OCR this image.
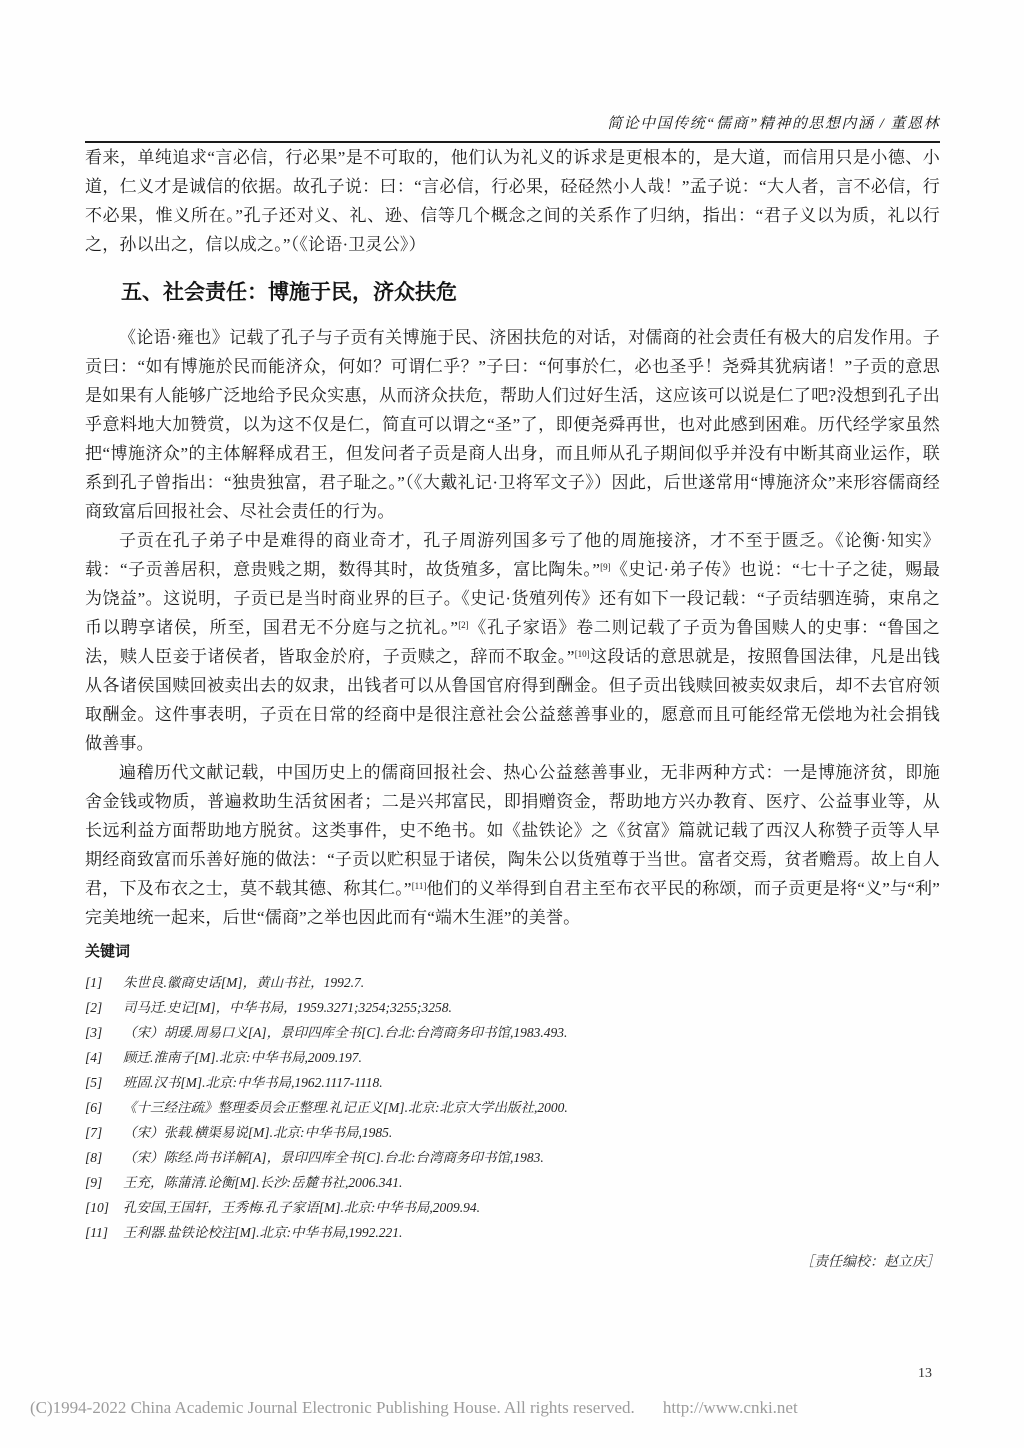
简论中国传统“儒商”精神的思想内涵 / 董恩林

看来，单纯追求“言必信，行必果”是不可取的，他们认为礼义的诉求是更根本的，是大道，而信用只是小德、小道，仁义才是诚信的依据。故孔子说：曰：“言必信，行必果，硁硁然小人哉！”孟子说：“大人者，言不必信，行不必果，惟义所在。”孔子还对义、礼、逊、信等几个概念之间的关系作了归纳，指出：“君子义以为质，礼以行之，孙以出之，信以成之。”（《论语·卫灵公》）

五、社会责任：博施于民，济众扶危

《论语·雍也》记载了孔子与子贡有关博施于民、济困扶危的对话，对儒商的社会责任有极大的启发作用。子贡曰：“如有博施於民而能济众，何如？可谓仁乎？”子曰：“何事於仁，必也圣乎！尧舜其犹病诸！”子贡的意思是如果有人能够广泛地给予民众实惠，从而济众扶危，帮助人们过好生活，这应该可以说是仁了吧?没想到孔子出乎意料地大加赞赏，以为这不仅是仁，简直可以谓之“圣”了，即便尧舜再世，也对此感到困难。历代经学家虽然把“博施济众”的主体解释成君王，但发问者子贡是商人出身，而且师从孔子期间似乎并没有中断其商业运作，联系到孔子曾指出：“独贵独富，君子耻之。”（《大戴礼记·卫将军文子》）因此，后世遂常用“博施济众”来形容儒商经商致富后回报社会、尽社会责任的行为。

子贡在孔子弟子中是难得的商业奇才，孔子周游列国多亏了他的周施接济，才不至于匮乏。《论衡·知实》载：“子贡善居积，意贵贱之期，数得其时，故货殖多，富比陶朱。”[9]《史记·弟子传》也说：“七十子之徒，赐最为饶益”。这说明，子贡已是当时商业界的巨子。《史记·货殖列传》还有如下一段记载：“子贡结驷连骑，束帛之币以聘享诸侯，所至，国君无不分庭与之抗礼。”[2]《孔子家语》卷二则记载了子贡为鲁国赎人的史事：“鲁国之法，赎人臣妾于诸侯者，皆取金於府，子贡赎之，辞而不取金。”[10]这段话的意思就是，按照鲁国法律，凡是出钱从各诸侯国赎回被卖出去的奴隶，出钱者可以从鲁国官府得到酬金。但子贡出钱赎回被卖奴隶后，却不去官府领取酬金。这件事表明，子贡在日常的经商中是很注意社会公益慈善事业的，愿意而且可能经常无偿地为社会捐钱做善事。

遍稽历代文献记载，中国历史上的儒商回报社会、热心公益慈善事业，无非两种方式：一是博施济贫，即施舍金钱或物质，普遍救助生活贫困者；二是兴邦富民，即捐赠资金，帮助地方兴办教育、医疗、公益事业等，从长远利益方面帮助地方脱贫。这类事件，史不绝书。如《盐铁论》之《贫富》篇就记载了西汉人称赞子贡等人早期经商致富而乐善好施的做法：“子贡以贮积显于诸侯，陶朱公以货殖尊于当世。富者交焉，贫者赡焉。故上自人君，下及布衣之士，莫不载其德、称其仁。”[11]他们的义举得到自君主至布衣平民的称颂，而子贡更是将“义”与“利”完美地统一起来，后世“儒商”之举也因此而有“端木生涯”的美誉。

关键词
[1]	朱世良.徽商史话[M]，黄山书社，1992.7.
[2]	司马迁.史记[M]，中华书局，1959.3271;3254;3255;3258.
[3]	（宋）胡瑗.周易口义[A]，景印四库全书[C].台北:台湾商务印书馆,1983.493.
[4]	顾迁.淮南子[M].北京:中华书局,2009.197.
[5]	班固.汉书[M].北京:中华书局,1962.1117-1118.
[6]	《十三经注疏》整理委员会正整理.礼记正义[M].北京:北京大学出版社,2000.
[7]	（宋）张载.横渠易说[M].北京:中华书局,1985.
[8]	（宋）陈经.尚书详解[A]，景印四库全书[C].台北:台湾商务印书馆,1983.
[9]	王充，陈蒲清.论衡[M].长沙:岳麓书社,2006.341.
[10]	孔安国,王国轩，王秀梅.孔子家语[M].北京:中华书局,2009.94.
[11]	王利器.盐铁论校注[M].北京:中华书局,1992.221.
［责任编校：赵立庆］
13
(C)1994-2022 China Academic Journal Electronic Publishing House. All rights reserved. http://www.cnki.net
